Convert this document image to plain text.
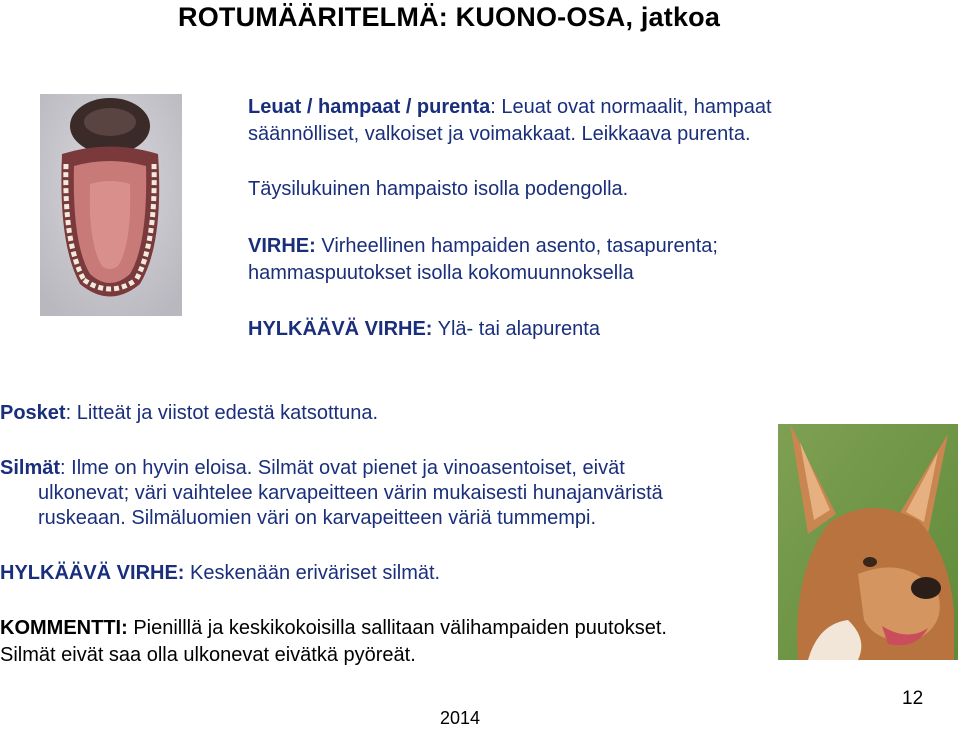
ROTUMÄÄRITELMÄ: KUONO-OSA, jatkoa
Leuat / hampaat / purenta: Leuat ovat normaalit, hampaat
säännölliset, valkoiset ja voimakkaat. Leikkaava purenta.
Täysilukuinen hampaisto isolla podengolla.
VIRHE: Virheellinen hampaiden asento, tasapurenta;
hammaspuutokset isolla kokomuunnoksella
HYLKÄÄVÄ VIRHE: Ylä- tai alapurenta
Posket: Litteät ja viistot edestä katsottuna.
Silmät: Ilme on hyvin eloisa. Silmät ovat pienet ja vinoasentoiset, eivät
ulkonevat; väri vaihtelee karvapeitteen värin mukaisesti hunajanväristä
ruskeaan. Silmäluomien väri on karvapeitteen väriä tummempi.
HYLKÄÄVÄ VIRHE: Keskenään eriväriset silmät.
KOMMENTTI: Pienilllä ja keskikokoisilla sallitaan välihampaiden puutokset.
Silmät eivät saa olla ulkonevat eivätkä pyöreät.
2014
12
